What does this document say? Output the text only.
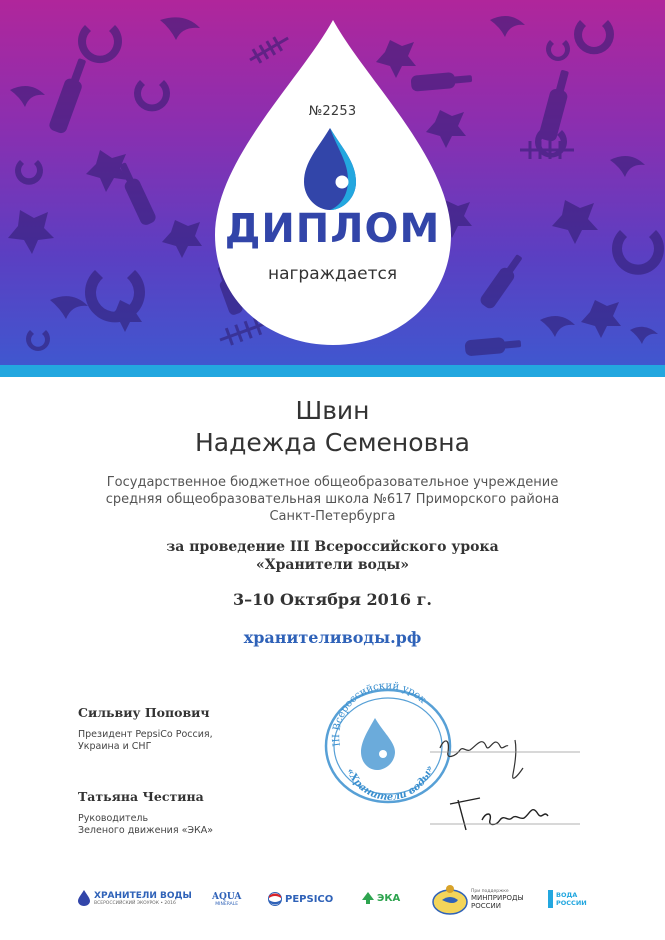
№2253
ДИПЛОМ
награждается
Швин
Надежда Семеновна
Государственное бюджетное общеобразовательное учреждение
средняя общеобразовательная школа №617 Приморского района
Санкт-Петербурга
за проведение III Всероссийского урока
«Хранители воды»
3–10 Октября 2016 г.
хранителиводы.рф
Сильвиу Попович
Президент PepsiCo Россия,
Украина и СНГ
Татьяна Честина
Руководитель
Зеленого движения «ЭКА»
III Всероссийский урок
«Хранители воды»
ХРАНИТЕЛИ ВОДЫ
ВСЕРОССИЙСКИЙ ЭКОУРОК • 2016
AQUA
MINERALE	PEPSICO	ЭКА
При поддержке
МИНПРИРОДЫ
РОССИИ
ВОДА
РОССИИ
